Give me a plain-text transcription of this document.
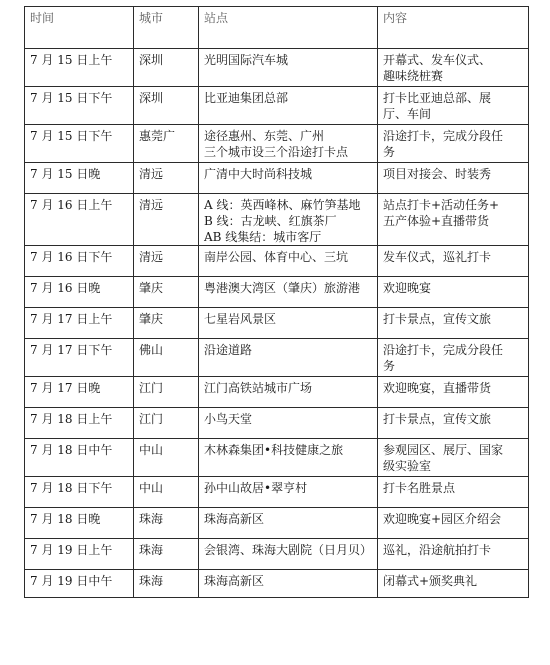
时间	城市	站点	内容
7 月 15 日上午	深圳	光明国际汽车城	开幕式、发车仪式、
趣味绕桩赛
7 月 15 日下午	深圳	比亚迪集团总部	打卡比亚迪总部、展
厅、车间
7 月 15 日下午	惠莞广	途径惠州、东莞、广州
三个城市设三个沿途打卡点	沿途打卡，完成分段任
务
7 月 15 日晚	清远	广清中大时尚科技城	项目对接会、时装秀
7 月 16 日上午	清远	A 线：英西峰林、麻竹笋基地
B 线：古龙峡、红旗茶厂
AB 线集结：城市客厅	站点打卡+活动任务+
五产体验+直播带货
7 月 16 日下午	清远	南岸公园、体育中心、三坑	发车仪式，巡礼打卡
7 月 16 日晚	肇庆	粤港澳大湾区（肇庆）旅游港	欢迎晚宴
7 月 17 日上午	肇庆	七星岩风景区	打卡景点，宣传文旅
7 月 17 日下午	佛山	沿途道路	沿途打卡，完成分段任
务
7 月 17 日晚	江门	江门高铁站城市广场	欢迎晚宴，直播带货
7 月 18 日上午	江门	小鸟天堂	打卡景点，宣传文旅
7 月 18 日中午	中山	木林森集团•科技健康之旅	参观园区、展厅、国家
级实验室
7 月 18 日下午	中山	孙中山故居•翠亨村	打卡名胜景点
7 月 18 日晚	珠海	珠海高新区	欢迎晚宴+园区介绍会
7 月 19 日上午	珠海	会银湾、珠海大剧院（日月贝）	巡礼，沿途航拍打卡
7 月 19 日中午	珠海	珠海高新区	闭幕式+颁奖典礼
